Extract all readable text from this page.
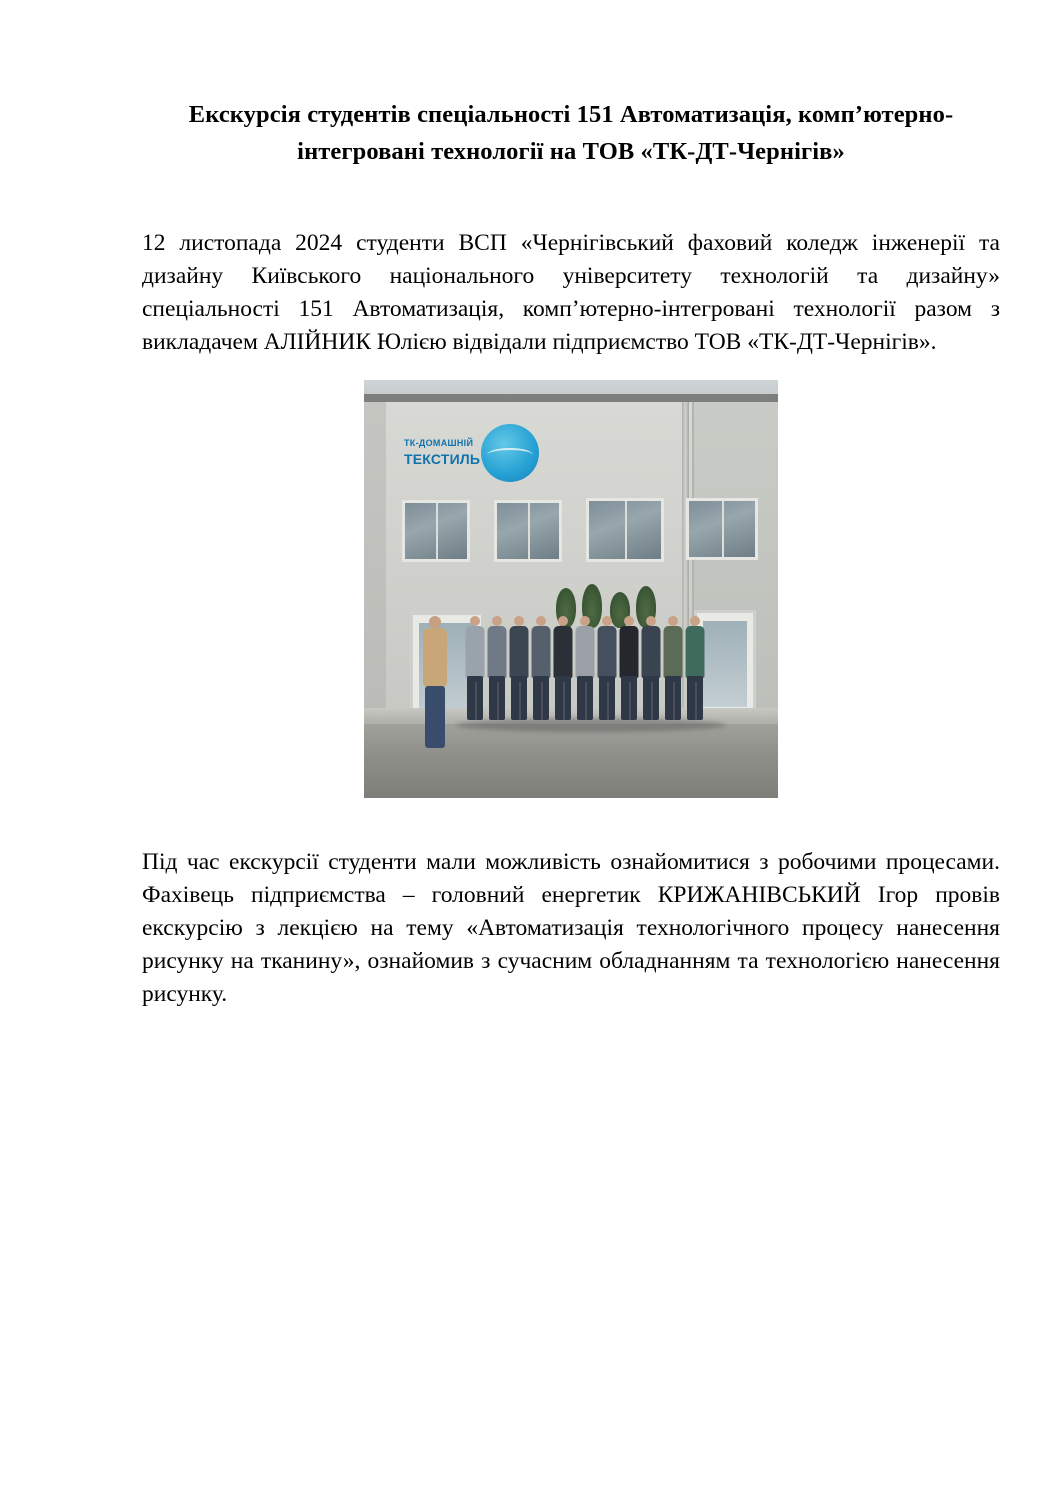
Екскурсія студентів спеціальності 151 Автоматизація, комп’ютерно-
інтегровані технології на ТОВ «ТК-ДТ-Чернігів»

12 листопада 2024 студенти ВСП «Чернігівський фаховий коледж інженерії та дизайну Київського національного університету технологій та дизайну» спеціальності 151 Автоматизація, комп’ютерно-інтегровані технології разом з викладачем АЛІЙНИК Юлією відвідали підприємство ТОВ «ТК-ДТ-Чернігів».

ТК-ДОМАШНІЙ
ТЕКСТИЛЬ

Під час екскурсії студенти мали можливість ознайомитися з робочими процесами. Фахівець підприємства – головний енергетик КРИЖАНІВСЬКИЙ Ігор провів екскурсію з лекцією на тему «Автоматизація технологічного процесу нанесення рисунку на тканину», ознайомив з сучасним обладнанням та технологією нанесення рисунку.
